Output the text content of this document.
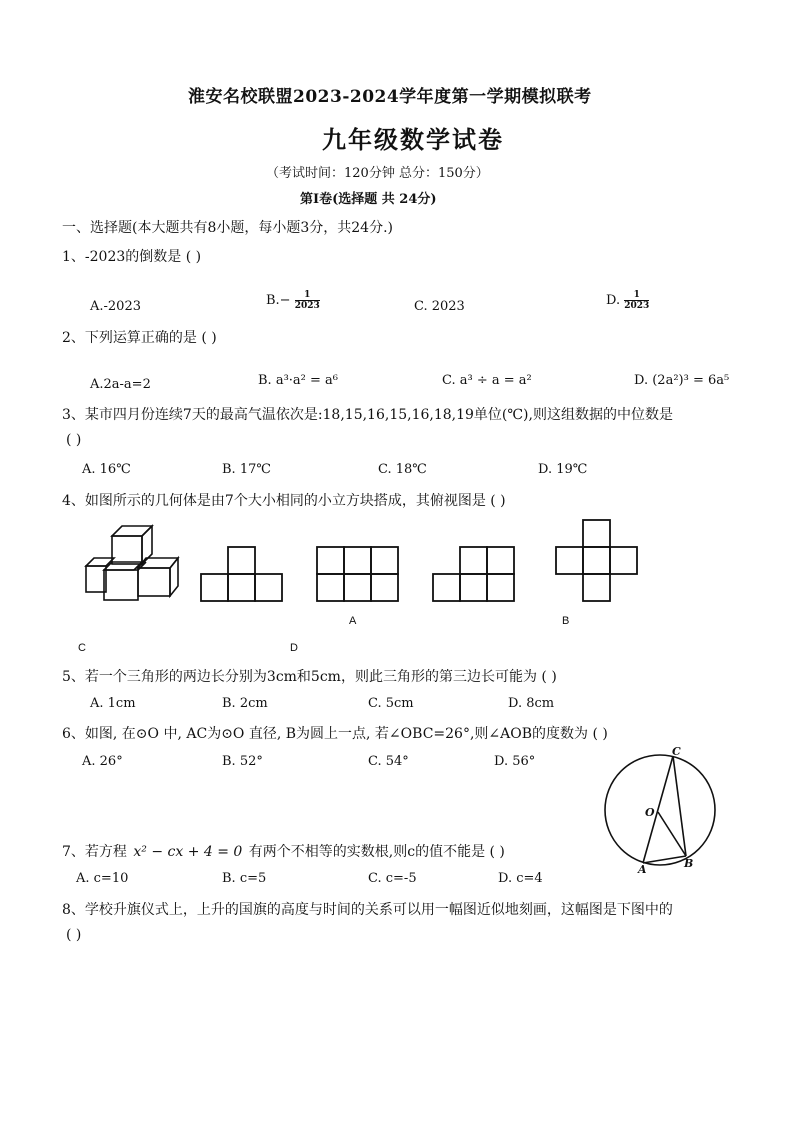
淮安名校联盟2023-2024学年度第一学期模拟联考
九年级数学试卷
（考试时间：120分钟 总分：150分）
第Ⅰ卷(选择题 共 24分)
一、选择题(本大题共有8小题，每小题3分，共24分.)
1、-2023的倒数是 ( )
A.-2023	$B.- \frac{1}{2023}$	C. 2023	D. $\frac{1}{2023}$
2、下列运算正确的是 ( )
A.2a-a=2	B. a³·a² = a⁶	C. a³ ÷ a = a²	D. (2a²)³ = 6a⁵
3、某市四月份连续7天的最高气温依次是:18,15,16,15,16,18,19单位(℃),则这组数据的中位数是
( )
A. 16℃	B. 17℃	C. 18℃	D. 19℃
4、如图所示的几何体是由7个大小相同的小立方块搭成，其俯视图是 ( )
A	B
C	D
5、若一个三角形的两边长分别为3cm和5cm，则此三角形的第三边长可能为 ( )
A. 1cm	B. 2cm	C. 5cm	D. 8cm
6、如图, 在⊙O 中, AC为⊙O 直径, B为圆上一点, 若∠OBC=26°,则∠AOB的度数为 ( )
A. 26°	B. 52°	C. 54°	D. 56°
C
O
A	B
7、若方程 x² − cx + 4 = 0 有两个不相等的实数根,则c的值不能是 ( )
A. c=10	B. c=5	C. c=-5	D. c=4
8、学校升旗仪式上，上升的国旗的高度与时间的关系可以用一幅图近似地刻画，这幅图是下图中的
( )
